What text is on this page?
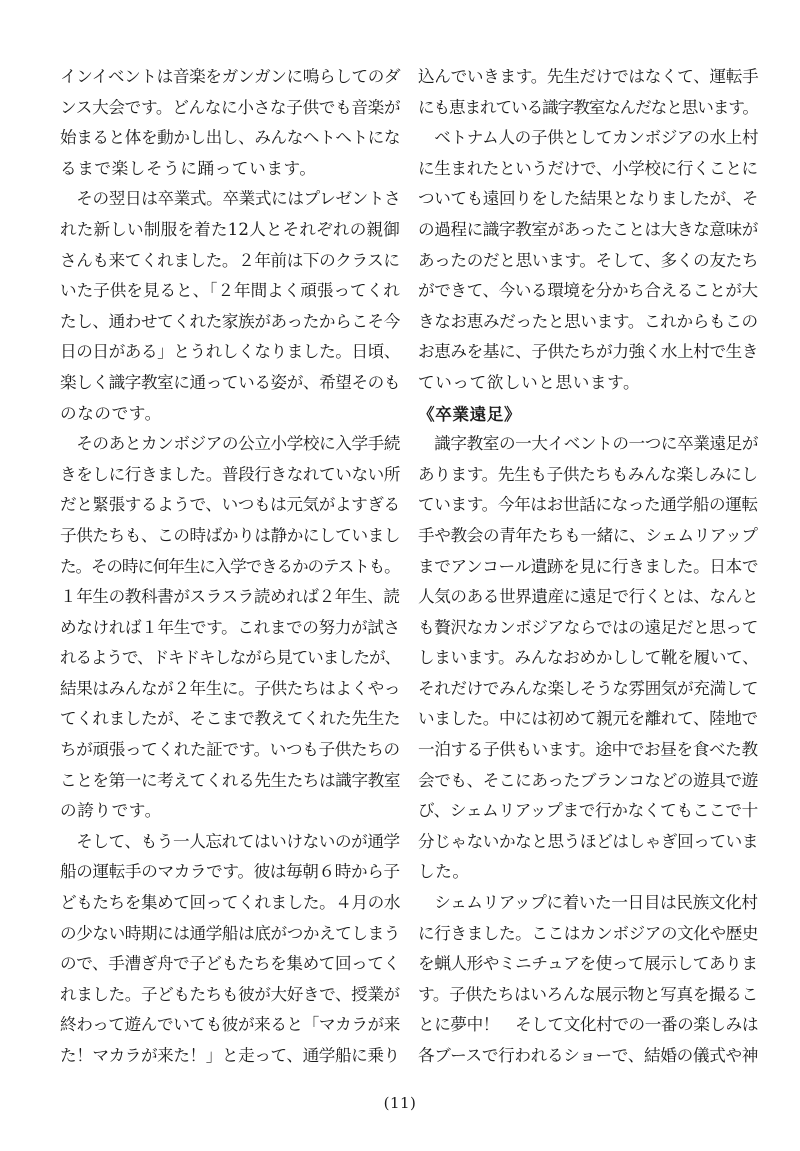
インイベントは音楽をガンガンに鳴らしてのダ
ンス大会です。どんなに小さな子供でも音楽が
始まると体を動かし出し、みんなヘトヘトにな
るまで楽しそうに踊っています。
　その翌日は卒業式。卒業式にはプレゼントさ
れた新しい制服を着た12人とそれぞれの親御
さんも来てくれました。２年前は下のクラスに
いた子供を見ると、「２年間よく頑張ってくれ
たし、通わせてくれた家族があったからこそ今
日の日がある」とうれしくなりました。日頃、
楽しく識字教室に通っている姿が、希望そのも
のなのです。
　そのあとカンボジアの公立小学校に入学手続
きをしに行きました。普段行きなれていない所
だと緊張するようで、いつもは元気がよすぎる
子供たちも、この時ばかりは静かにしていまし
た。その時に何年生に入学できるかのテストも。
１年生の教科書がスラスラ読めれば２年生、読
めなければ１年生です。これまでの努力が試さ
れるようで、ドキドキしながら見ていましたが、
結果はみんなが２年生に。子供たちはよくやっ
てくれましたが、そこまで教えてくれた先生た
ちが頑張ってくれた証です。いつも子供たちの
ことを第一に考えてくれる先生たちは識字教室
の誇りです。
　そして、もう一人忘れてはいけないのが通学
船の運転手のマカラです。彼は毎朝６時から子
どもたちを集めて回ってくれました。４月の水
の少ない時期には通学船は底がつかえてしまう
ので、手漕ぎ舟で子どもたちを集めて回ってく
れました。子どもたちも彼が大好きで、授業が
終わって遊んでいても彼が来ると「マカラが来
た！マカラが来た！」と走って、通学船に乗り
込んでいきます。先生だけではなくて、運転手
にも恵まれている識字教室なんだなと思います。
　ベトナム人の子供としてカンボジアの水上村
に生まれたというだけで、小学校に行くことに
ついても遠回りをした結果となりましたが、そ
の過程に識字教室があったことは大きな意味が
あったのだと思います。そして、多くの友たち
ができて、今いる環境を分かち合えることが大
きなお恵みだったと思います。これからもこの
お恵みを基に、子供たちが力強く水上村で生き
ていって欲しいと思います。
《卒業遠足》
　識字教室の一大イベントの一つに卒業遠足が
あります。先生も子供たちもみんな楽しみにし
ています。今年はお世話になった通学船の運転
手や教会の青年たちも一緒に、シェムリアップ
までアンコール遺跡を見に行きました。日本で
人気のある世界遺産に遠足で行くとは、なんと
も贅沢なカンボジアならではの遠足だと思って
しまいます。みんなおめかしして靴を履いて、
それだけでみんな楽しそうな雰囲気が充満して
いました。中には初めて親元を離れて、陸地で
一泊する子供もいます。途中でお昼を食べた教
会でも、そこにあったブランコなどの遊具で遊
び、シェムリアップまで行かなくてもここで十
分じゃないかなと思うほどはしゃぎ回っていま
した。
　シェムリアップに着いた一日目は民族文化村
に行きました。ここはカンボジアの文化や歴史
を蝋人形やミニチュアを使って展示してありま
す。子供たちはいろんな展示物と写真を撮るこ
とに夢中！　そして文化村での一番の楽しみは
各ブースで行われるショーで、結婚の儀式や神
(11)
